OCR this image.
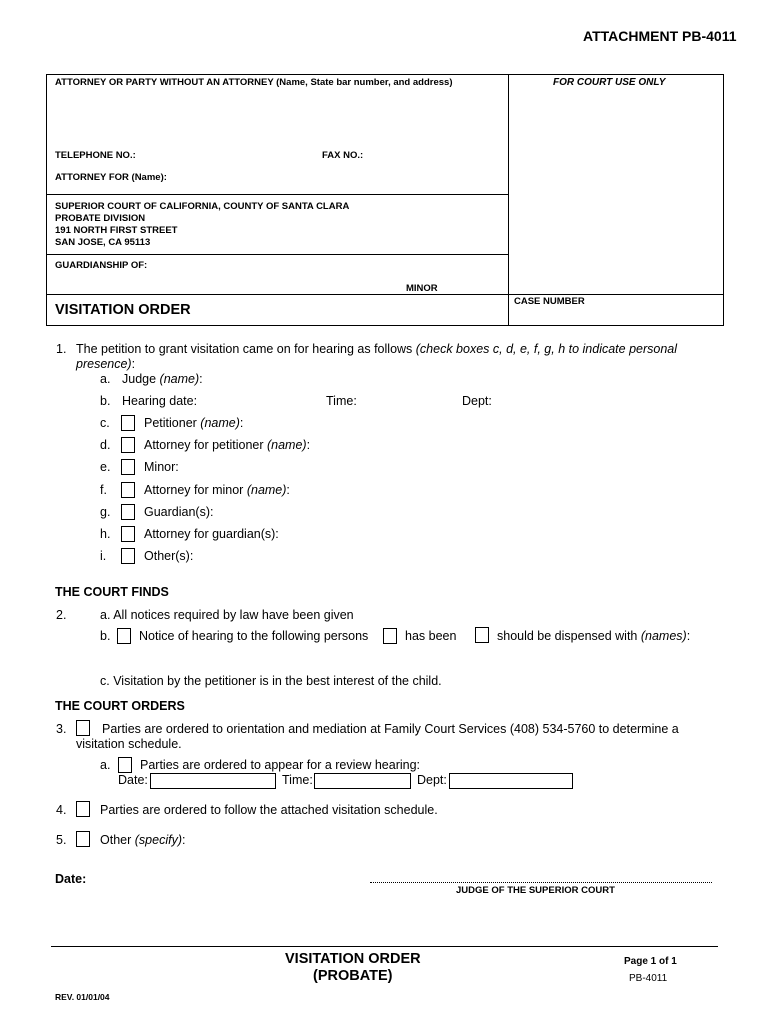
ATTACHMENT PB-4011
ATTORNEY OR PARTY WITHOUT AN ATTORNEY (Name, State bar number, and address)	FOR COURT USE ONLY
TELEPHONE NO.:	FAX NO.:
ATTORNEY FOR (Name):
SUPERIOR COURT OF CALIFORNIA, COUNTY OF SANTA CLARA
PROBATE DIVISION
191 NORTH FIRST STREET
SAN JOSE, CA 95113
GUARDIANSHIP OF:
MINOR
VISITATION ORDER
CASE NUMBER
1. The petition to grant visitation came on for hearing as follows (check boxes c, d, e, f, g, h to indicate personal
presence):
a. Judge (name):
b. Hearing date:	Time:	Dept:
c.	Petitioner (name):
d.	Attorney for petitioner (name):
e.	Minor:
f.	Attorney for minor (name):
g.	Guardian(s):
h.	Attorney for guardian(s):
i.	Other(s):
THE COURT FINDS
2.	a. All notices required by law have been given
b. Notice of hearing to the following persons	has been	should be dispensed with (names):
c. Visitation by the petitioner is in the best interest of the child.
THE COURT ORDERS
3.	Parties are ordered to orientation and mediation at Family Court Services (408) 534-5760 to determine a
visitation schedule.
a. Parties are ordered to appear for a review hearing:
Date:	Time:	Dept:
4.	Parties are ordered to follow the attached visitation schedule.
5.	Other (specify):
Date:
JUDGE OF THE SUPERIOR COURT
VISITATION ORDER
(PROBATE)
Page 1 of 1
PB-4011
REV. 01/01/04
